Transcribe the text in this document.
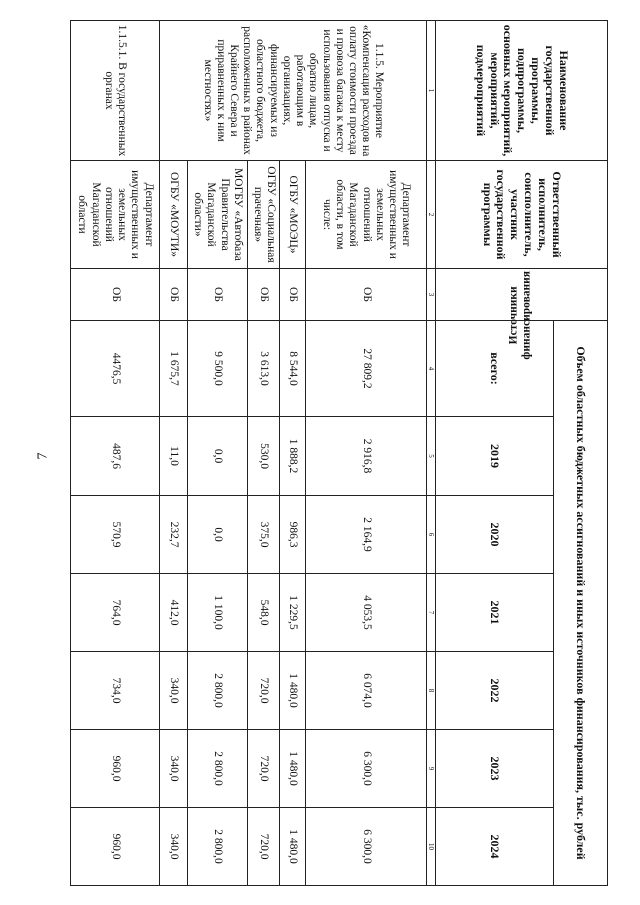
7
Наименование государственной программы, подпрограммы, основных мероприятий, мероприятий, подмероприятий	Ответственный исполнитель, соисполнитель, участник государственной программы	Источники финансирования	Объем областных бюджетных ассигнований и иных источников финансирования, тыс. рублей						
			всего:	2019	2020	2021	2022	2023	2024
1	2	3	4	5	6	7	8	9	10
1.1.5. Мероприятие «Компенсация расходов на оплату стоимости проезда и провоза багажа к месту использования отпуска и обратно лицам, работающим в организациях, финансируемых из областного бюджета, расположенных в районах Крайнего Севера и приравненных к ним местностях»	Департамент имущественных и земельных отношений Магаданской области, в том числе:	ОБ	27 809,2	2 916,8	2 164,9	4 053,5	6 074,0	6 300,0	6 300,0
	ОГБУ «МОЭЦ»	ОБ	8 544,0	1 888,2	986,3	1 229,5	1 480,0	1 480,0	1 480,0
	ОГБУ «Социальная прачечная»	ОБ	3 613,0	530,0	375,0	548,0	720,0	720,0	720,0
	МОГБУ «Автобаза Правительства Магаданской области»	ОБ	9 500,0	0,0	0,0	1 100,0	2 800,0	2 800,0	2 800,0
	ОГБУ «МОУТИ»	ОБ	1 675,7	11,0	232,7	412,0	340,0	340,0	340,0
1.1.5.1. В государственных органах	Департамент имущественных и земельных отношений Магаданской области	ОБ	4476,5	487,6	570,9	764,0	734,0	960,0	960,0
